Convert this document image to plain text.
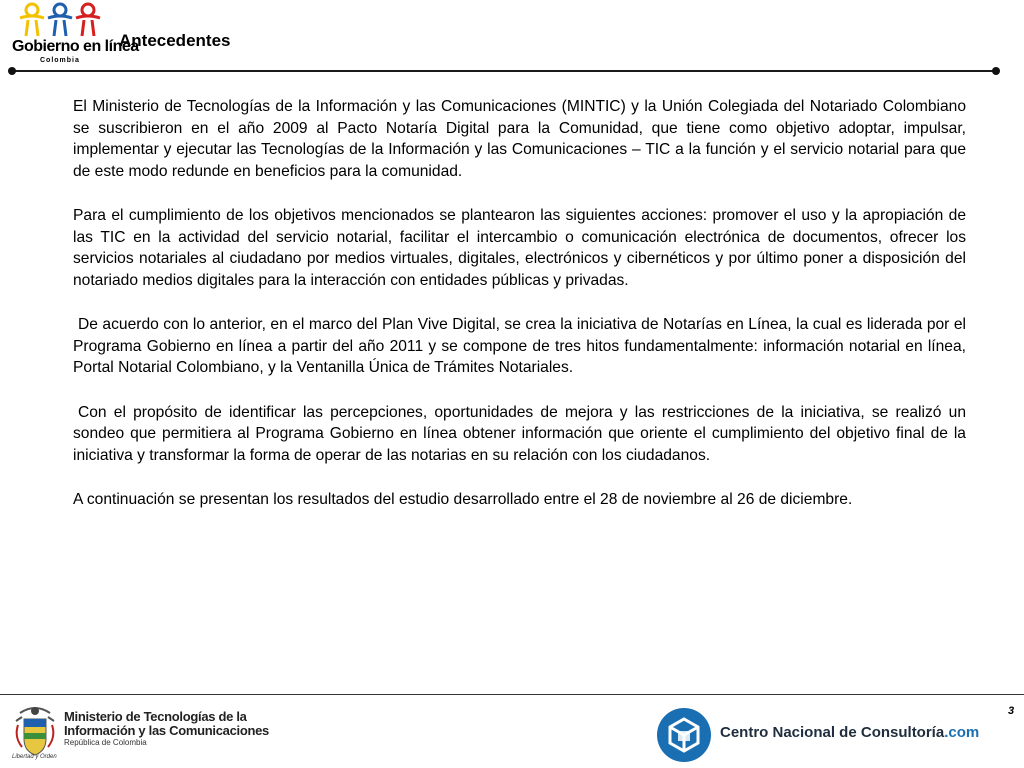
Gobierno en línea
Colombia
Antecedentes

El Ministerio de Tecnologías de la Información y las Comunicaciones (MINTIC) y la Unión Colegiada del Notariado Colombiano se suscribieron en el año 2009 al Pacto Notaría Digital para la Comunidad, que tiene como objetivo adoptar, impulsar, implementar y ejecutar las Tecnologías de la Información y las Comunicaciones – TIC a la función y el servicio notarial para que de este modo redunde en beneficios para la comunidad.

Para el cumplimiento de los objetivos mencionados se plantearon las siguientes acciones: promover el uso y la apropiación de las TIC en la actividad del servicio notarial, facilitar el intercambio o comunicación electrónica de documentos, ofrecer los servicios notariales al ciudadano por medios virtuales, digitales, electrónicos y cibernéticos y por último poner a disposición del notariado medios digitales para la interacción con entidades públicas y privadas.

De acuerdo con lo anterior, en el marco del Plan Vive Digital, se crea la iniciativa de Notarías en Línea, la cual es liderada por el Programa Gobierno en línea a partir del año 2011 y se compone de tres hitos fundamentalmente: información notarial en línea, Portal Notarial Colombiano, y la Ventanilla Única de Trámites Notariales.

Con el propósito de identificar las percepciones, oportunidades de mejora y las restricciones de la iniciativa, se realizó un sondeo que permitiera al Programa Gobierno en línea obtener información que oriente el cumplimiento del objetivo final de la iniciativa y transformar la forma de operar de las notarias en su relación con los ciudadanos.

A continuación se presentan los resultados del estudio desarrollado entre el 28 de noviembre al 26 de diciembre.

3
Libertad y Orden
Ministerio de Tecnologías de la
Información y las Comunicaciones
República de Colombia
Centro Nacional de Consultoría.com
